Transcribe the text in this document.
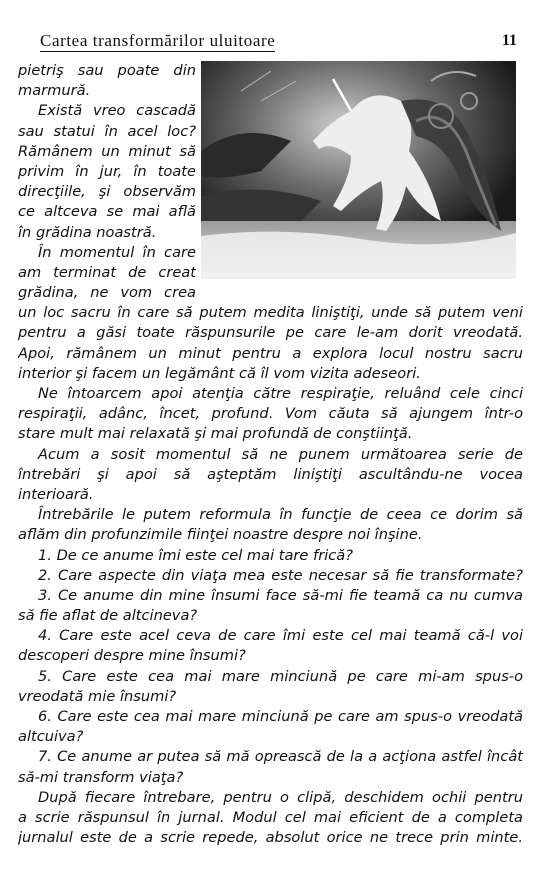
Cartea transformărilor uluitoare	11
pietriş sau poate din
marmură.
Există vreo cascadă
sau statui în acel loc?
Rămânem un minut să
privim în jur, în toate
direcţiile, şi observăm
ce altceva se mai află
în grădina noastră.
În momentul în care
am terminat de creat
grădina, ne vom crea
un loc sacru în care să putem medita liniştiţi, unde să putem veni
pentru a găsi toate răspunsurile pe care le-am dorit vreodată.
Apoi, rămânem un minut pentru a explora locul nostru sacru
interior şi facem un legământ că îl vom vizita adeseori.
Ne întoarcem apoi atenţia către respiraţie, reluând cele cinci
respiraţii, adânc, încet, profund. Vom căuta să ajungem într-o
stare mult mai relaxată şi mai profundă de conştiinţă.
Acum a sosit momentul să ne punem următoarea serie de
întrebări şi apoi să aşteptăm liniştiţi ascultându-ne vocea
interioară.
Întrebările le putem reformula în funcţie de ceea ce dorim să
aflăm din profunzimile fiinţei noastre despre noi înşine.
1. De ce anume îmi este cel mai tare frică?
2. Care aspecte din viaţa mea este necesar să fie transformate?
3. Ce anume din mine însumi face să-mi fie teamă ca nu cumva
să fie aflat de altcineva?
4. Care este acel ceva de care îmi este cel mai teamă că-l voi
descoperi despre mine însumi?
5. Care este cea mai mare minciună pe care mi-am spus-o
vreodată mie însumi?
6. Care este cea mai mare minciună pe care am spus-o vreodată
altcuiva?
7. Ce anume ar putea să mă oprească de la a acţiona astfel încât
să-mi transform viaţa?
După fiecare întrebare, pentru o clipă, deschidem ochii pentru
a scrie răspunsul în jurnal. Modul cel mai eficient de a completa
jurnalul este de a scrie repede, absolut orice ne trece prin minte.
